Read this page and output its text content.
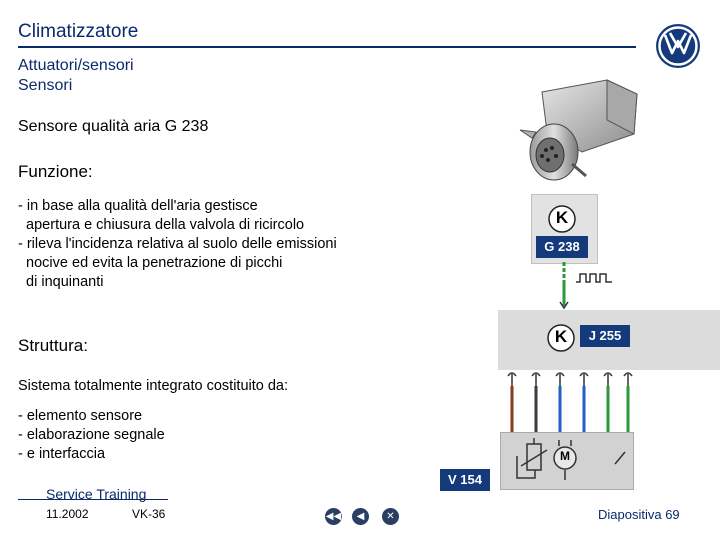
Climatizzatore
Attuatori/sensori
Sensori
Sensore qualità aria G 238
Funzione:
- in base alla qualità dell'aria gestisce
apertura e chiusura della valvola di ricircolo
- rileva l'incidenza relativa al suolo delle emissioni
nocive ed evita la penetrazione di picchi
di inquinanti
Struttura:
Sistema totalmente integrato costituito da:
- elemento sensore
- elaborazione segnale
- e interfaccia
K
G 238
K	J 255
M
V 154
Service Training
11.2002	VK-36	◀◀	◀	✕	Diapositiva 69
